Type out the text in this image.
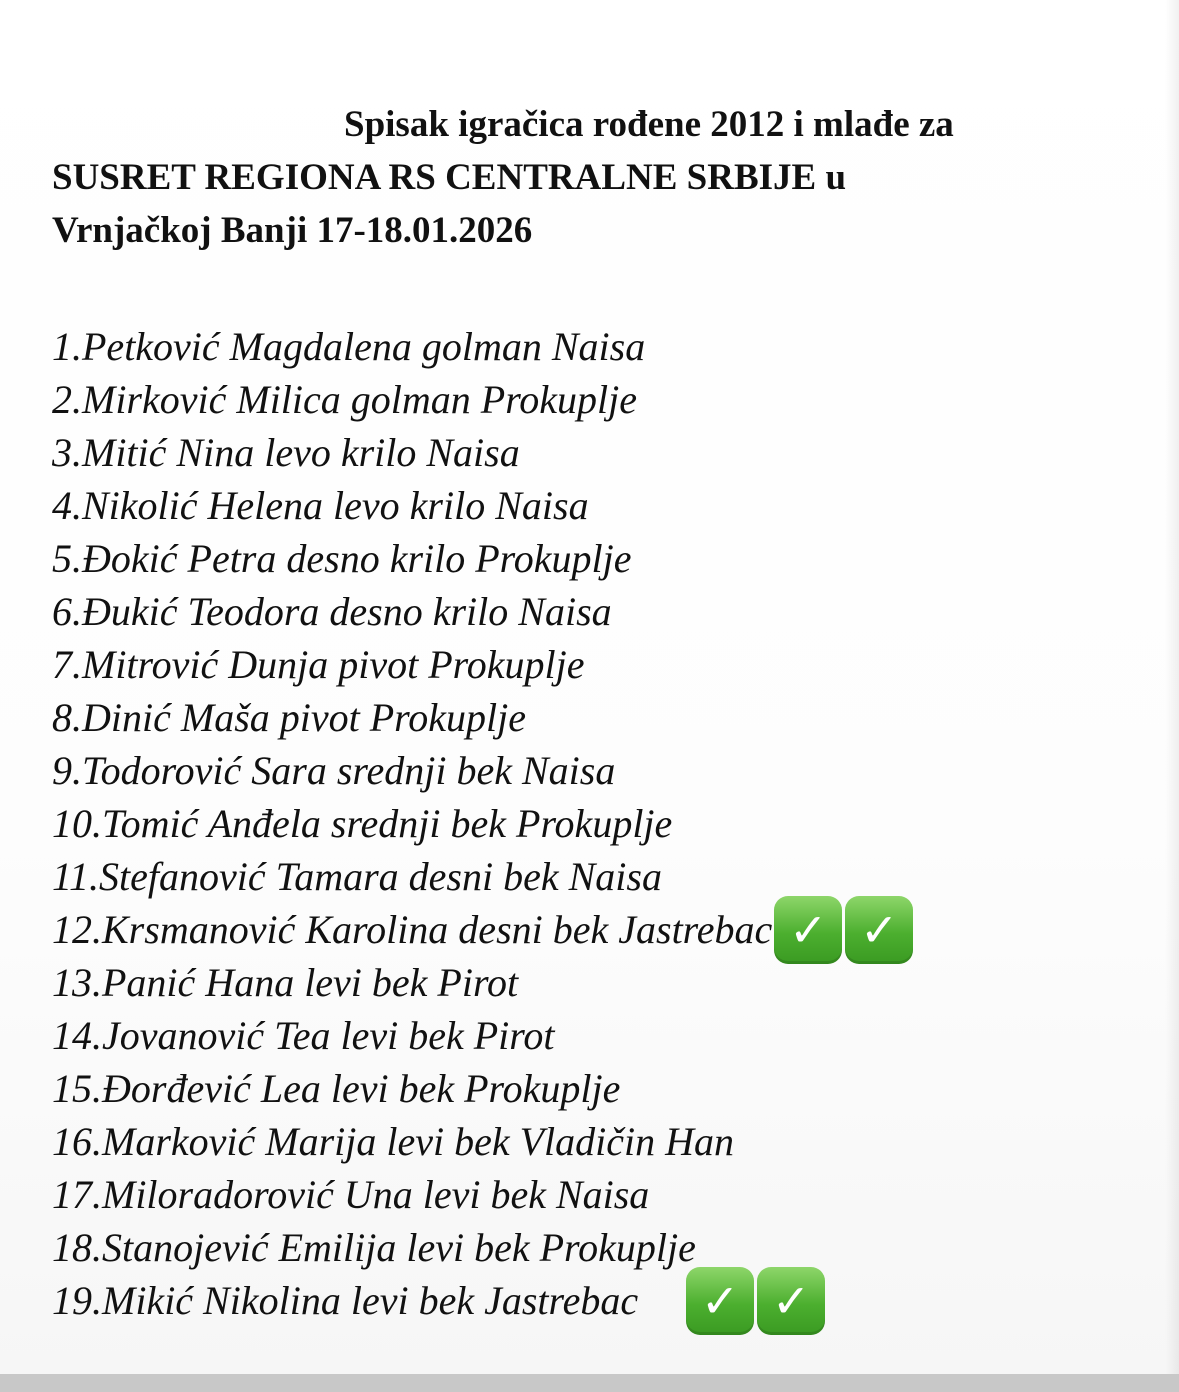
Spisak igračica rođene 2012 i mlađe za
SUSRET REGIONA RS CENTRALNE SRBIJE u
Vrnjačkoj Banji 17-18.01.2026
1.Petković Magdalena golman Naisa
2.Mirković Milica golman Prokuplje
3.Mitić Nina levo krilo Naisa
4.Nikolić Helena levo krilo Naisa
5.Đokić Petra desno krilo Prokuplje
6.Đukić Teodora desno krilo Naisa
7.Mitrović Dunja pivot Prokuplje
8.Dinić Maša pivot Prokuplje
9.Todorović Sara srednji bek Naisa
10.Tomić Anđela srednji bek Prokuplje
11.Stefanović Tamara desni bek Naisa
12.Krsmanović Karolina desni bek Jastrebac ✓ ✓
13.Panić Hana levi bek Pirot
14.Jovanović Tea levi bek Pirot
15.Đorđević Lea levi bek Prokuplje
16.Marković Marija levi bek Vladičin Han
17.Miloradorović Una levi bek Naisa
18.Stanojević Emilija levi bek Prokuplje
19.Mikić Nikolina levi bek Jastrebac	✓ ✓
